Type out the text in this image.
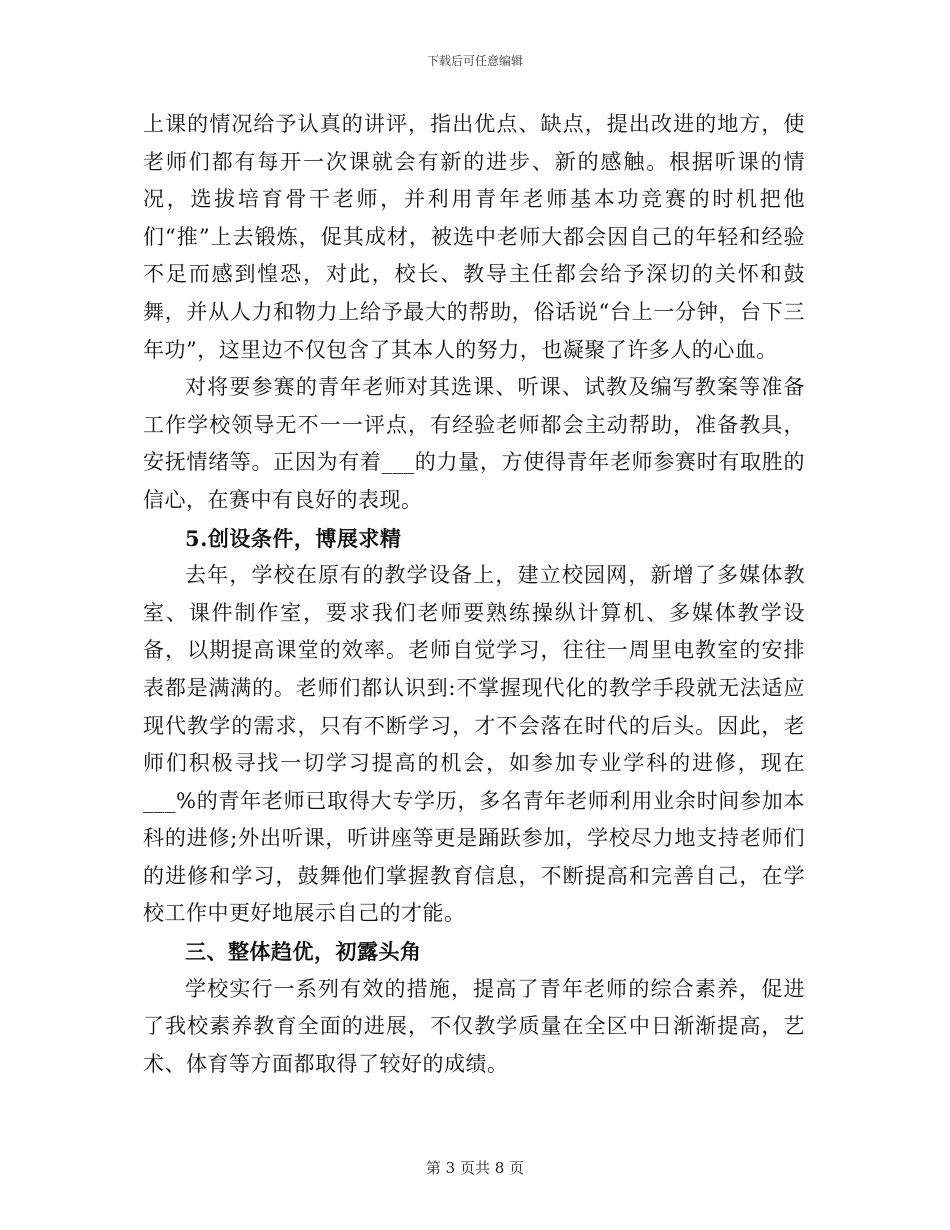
下载后可任意编辑

上课的情况给予认真的讲评，指出优点、缺点，提出改进的地方，使老师们都有每开一次课就会有新的进步、新的感触。根据听课的情况，选拔培育骨干老师，并利用青年老师基本功竞赛的时机把他们“推”上去锻炼，促其成材，被选中老师大都会因自己的年轻和经验不足而感到惶恐，对此，校长、教导主任都会给予深切的关怀和鼓舞，并从人力和物力上给予最大的帮助，俗话说“台上一分钟，台下三年功”，这里边不仅包含了其本人的努力，也凝聚了许多人的心血。

对将要参赛的青年老师对其选课、听课、试教及编写教案等准备工作学校领导无不一一评点，有经验老师都会主动帮助，准备教具，安抚情绪等。正因为有着___的力量，方使得青年老师参赛时有取胜的信心，在赛中有良好的表现。

5.创设条件，博展求精

去年，学校在原有的教学设备上，建立校园网，新增了多媒体教室、课件制作室，要求我们老师要熟练操纵计算机、多媒体教学设备，以期提高课堂的效率。老师自觉学习，往往一周里电教室的安排表都是满满的。老师们都认识到:不掌握现代化的教学手段就无法适应现代教学的需求，只有不断学习，才不会落在时代的后头。因此，老师们积极寻找一切学习提高的机会，如参加专业学科的进修，现在___%的青年老师已取得大专学历，多名青年老师利用业余时间参加本科的进修;外出听课，听讲座等更是踊跃参加，学校尽力地支持老师们的进修和学习，鼓舞他们掌握教育信息，不断提高和完善自己，在学校工作中更好地展示自己的才能。

三、整体趋优，初露头角

学校实行一系列有效的措施，提高了青年老师的综合素养，促进了我校素养教育全面的进展，不仅教学质量在全区中日渐渐提高，艺术、体育等方面都取得了较好的成绩。

第 3 页共 8 页
